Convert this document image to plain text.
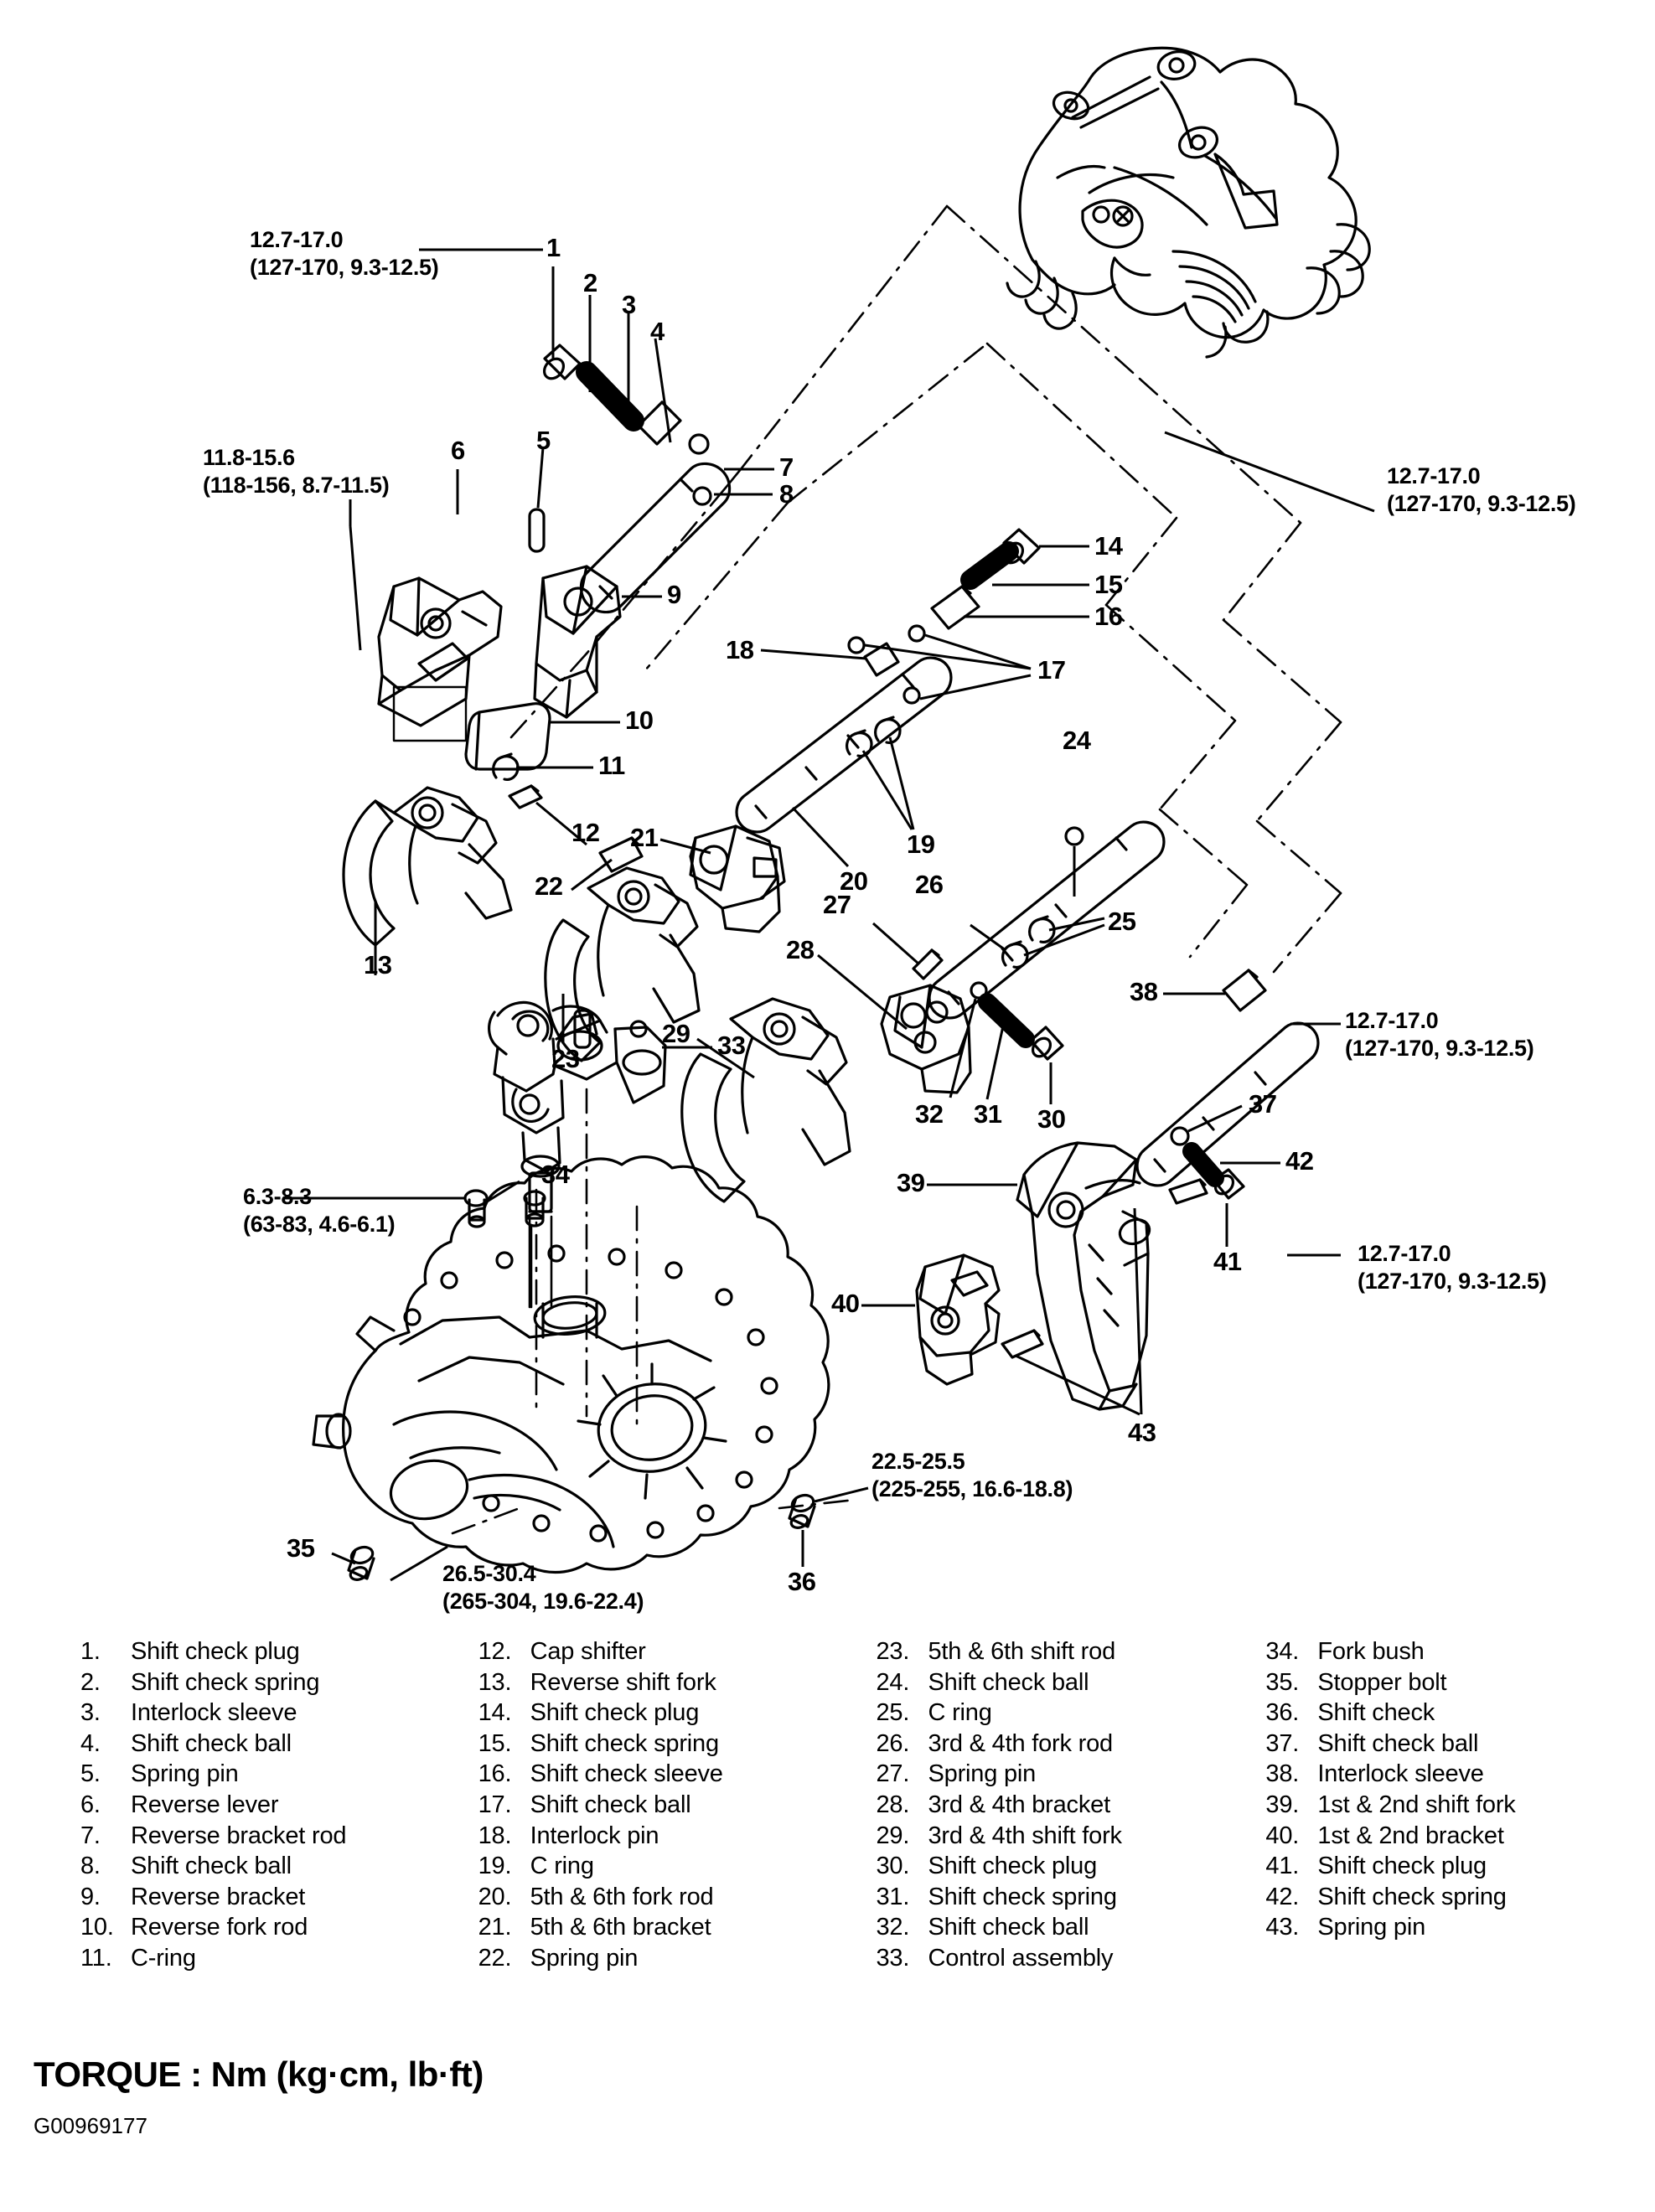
12.7-17.0
(127-170, 9.3-12.5)
11.8-15.6
(118-156, 8.7-11.5)	12.7-17.0
(127-170, 9.3-12.5)
12.7-17.0
(127-170, 9.3-12.5)
12.7-17.0
(127-170, 9.3-12.5)
6.3-8.3
(63-83, 4.6-6.1)
22.5-25.5
(225-255, 16.6-18.8)
26.5-30.4
(265-304, 19.6-22.4)
1
2
3
4
5
6
7
8
9
10
11
12
13
14
15
16
17
18
19
20
21
22
23
24
25
26
27
28
29
30
31
32
33
34
35
36
37
38
39
40
41
42
43
1.	Shift check plug
2.	Shift check spring
3.	Interlock sleeve
4.	Shift check ball
5.	Spring pin
6.	Reverse lever
7.	Reverse bracket rod
8.	Shift check ball
9.	Reverse bracket
10. Reverse fork rod
11. C-ring
12. Cap shifter
13. Reverse shift fork
14. Shift check plug
15. Shift check spring
16. Shift check sleeve
17. Shift check ball
18. Interlock pin
19. C ring
20. 5th & 6th fork rod
21. 5th & 6th bracket
22. Spring pin
23. 5th & 6th shift rod
24. Shift check ball
25. C ring
26. 3rd & 4th fork rod
27. Spring pin
28. 3rd & 4th bracket
29. 3rd & 4th shift fork
30. Shift check plug
31. Shift check spring
32. Shift check ball
33. Control assembly
34. Fork bush
35. Stopper bolt
36. Shift check
37. Shift check ball
38. Interlock sleeve
39. 1st & 2nd shift fork
40. 1st & 2nd bracket
41. Shift check plug
42. Shift check spring
43. Spring pin
TORQUE : Nm (kg·cm, lb·ft)
G00969177
